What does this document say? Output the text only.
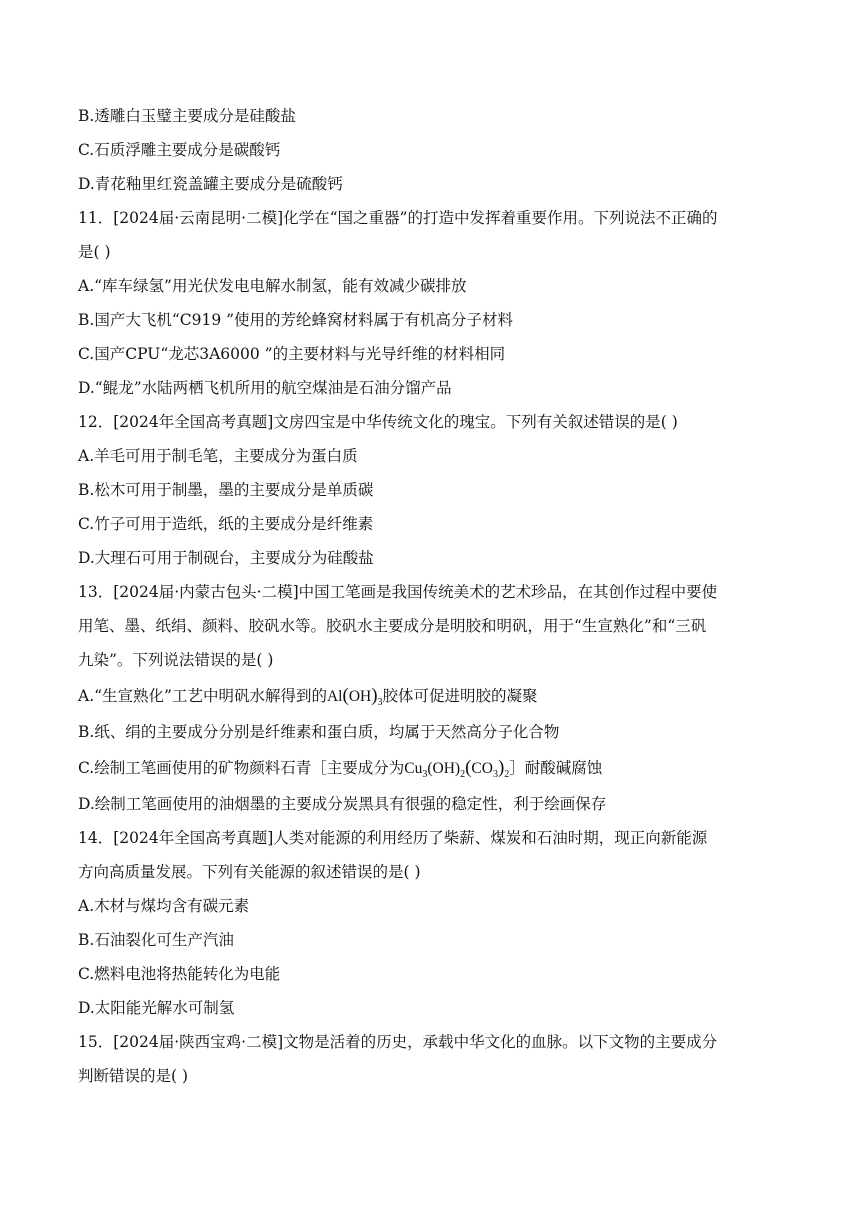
B.透雕白玉璧主要成分是硅酸盐
C.石质浮雕主要成分是碳酸钙
D.青花釉里红瓷盖罐主要成分是硫酸钙
11．[2024届·云南昆明·二模]化学在“国之重器”的打造中发挥着重要作用。下列说法不正确的
是( )
A.“库车绿氢”用光伏发电电解水制氢，能有效减少碳排放
B.国产大飞机“C919 ”使用的芳纶蜂窝材料属于有机高分子材料
C.国产CPU“龙芯3A6000 ”的主要材料与光导纤维的材料相同
D.“鲲龙”水陆两栖飞机所用的航空煤油是石油分馏产品
12．[2024年全国高考真题]文房四宝是中华传统文化的瑰宝。下列有关叙述错误的是( )
A.羊毛可用于制毛笔，主要成分为蛋白质
B.松木可用于制墨，墨的主要成分是单质碳
C.竹子可用于造纸，纸的主要成分是纤维素
D.大理石可用于制砚台，主要成分为硅酸盐
13．[2024届·内蒙古包头·二模]中国工笔画是我国传统美术的艺术珍品，在其创作过程中要使
用笔、墨、纸绢、颜料、胶矾水等。胶矾水主要成分是明胶和明矾，用于“生宣熟化”和“三矾
九染”。下列说法错误的是( )
A.“生宣熟化”工艺中明矾水解得到的$Al(OH)_3$胶体可促进明胶的凝聚
B.纸、绢的主要成分分别是纤维素和蛋白质，均属于天然高分子化合物
C.绘制工笔画使用的矿物颜料石青［主要成分为$Cu_3(OH)_2(CO_3)_2]$耐酸碱腐蚀
D.绘制工笔画使用的油烟墨的主要成分炭黑具有很强的稳定性，利于绘画保存
14．[2024年全国高考真题]人类对能源的利用经历了柴薪、煤炭和石油时期，现正向新能源
方向高质量发展。下列有关能源的叙述错误的是( )
A.木材与煤均含有碳元素
B.石油裂化可生产汽油
C.燃料电池将热能转化为电能
D.太阳能光解水可制氢
15．[2024届·陕西宝鸡·二模]文物是活着的历史，承载中华文化的血脉。以下文物的主要成分
判断错误的是( )
